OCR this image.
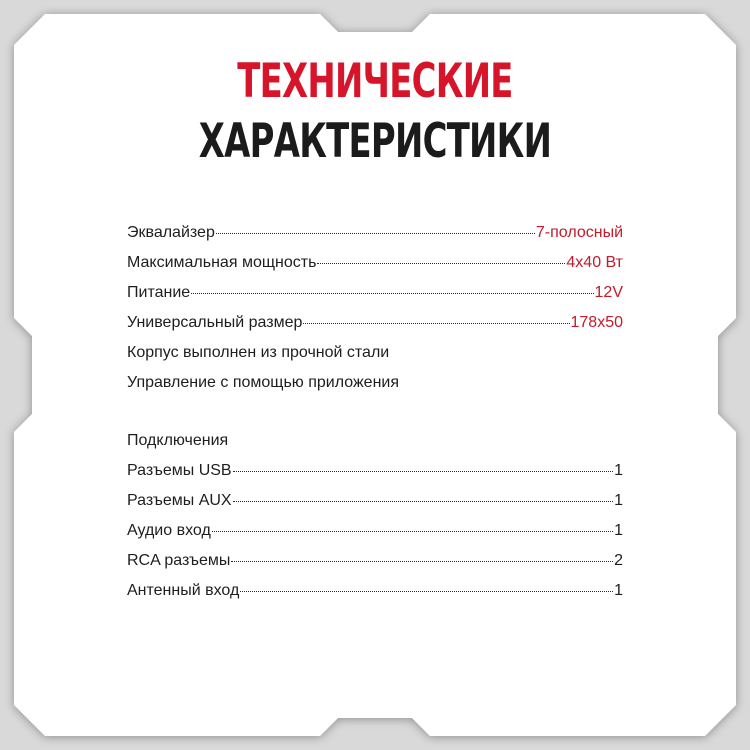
ТЕХНИЧЕСКИЕ
ХАРАКТЕРИСТИКИ
Эквалайзер	7-полосный
Максимальная мощность	4х40 Вт
Питание	12V
Универсальный размер	178х50
Корпус выполнен из прочной стали
Управление с помощью приложения
Подключения
Разъемы USB	1
Разъемы AUX	1
Аудио вход	1
RCA разъемы	2
Антенный вход	1
